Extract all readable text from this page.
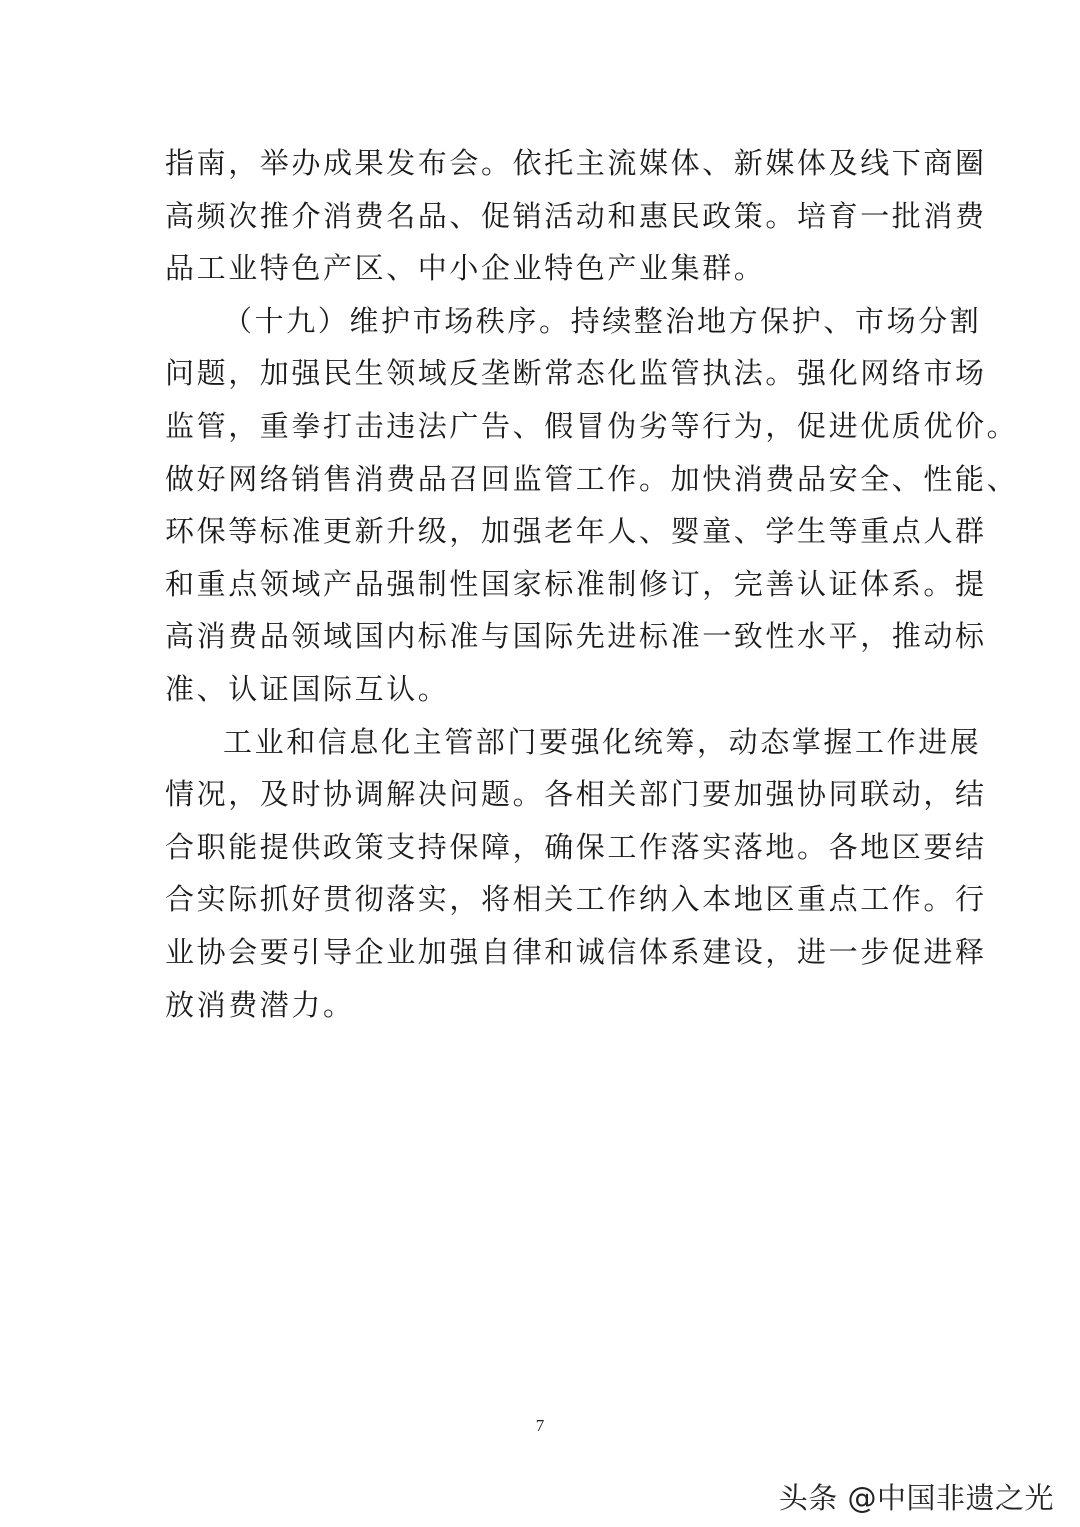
指南，举办成果发布会。依托主流媒体、新媒体及线下商圈
高频次推介消费名品、促销活动和惠民政策。培育一批消费
品工业特色产区、中小企业特色产业集群。
（十九）维护市场秩序。持续整治地方保护、市场分割
问题，加强民生领域反垄断常态化监管执法。强化网络市场
监管，重拳打击违法广告、假冒伪劣等行为，促进优质优价。
做好网络销售消费品召回监管工作。加快消费品安全、性能、
环保等标准更新升级，加强老年人、婴童、学生等重点人群
和重点领域产品强制性国家标准制修订，完善认证体系。提
高消费品领域国内标准与国际先进标准一致性水平，推动标
准、认证国际互认。
工业和信息化主管部门要强化统筹，动态掌握工作进展
情况，及时协调解决问题。各相关部门要加强协同联动，结
合职能提供政策支持保障，确保工作落实落地。各地区要结
合实际抓好贯彻落实，将相关工作纳入本地区重点工作。行
业协会要引导企业加强自律和诚信体系建设，进一步促进释
放消费潜力。
7
头条 @中国非遗之光
